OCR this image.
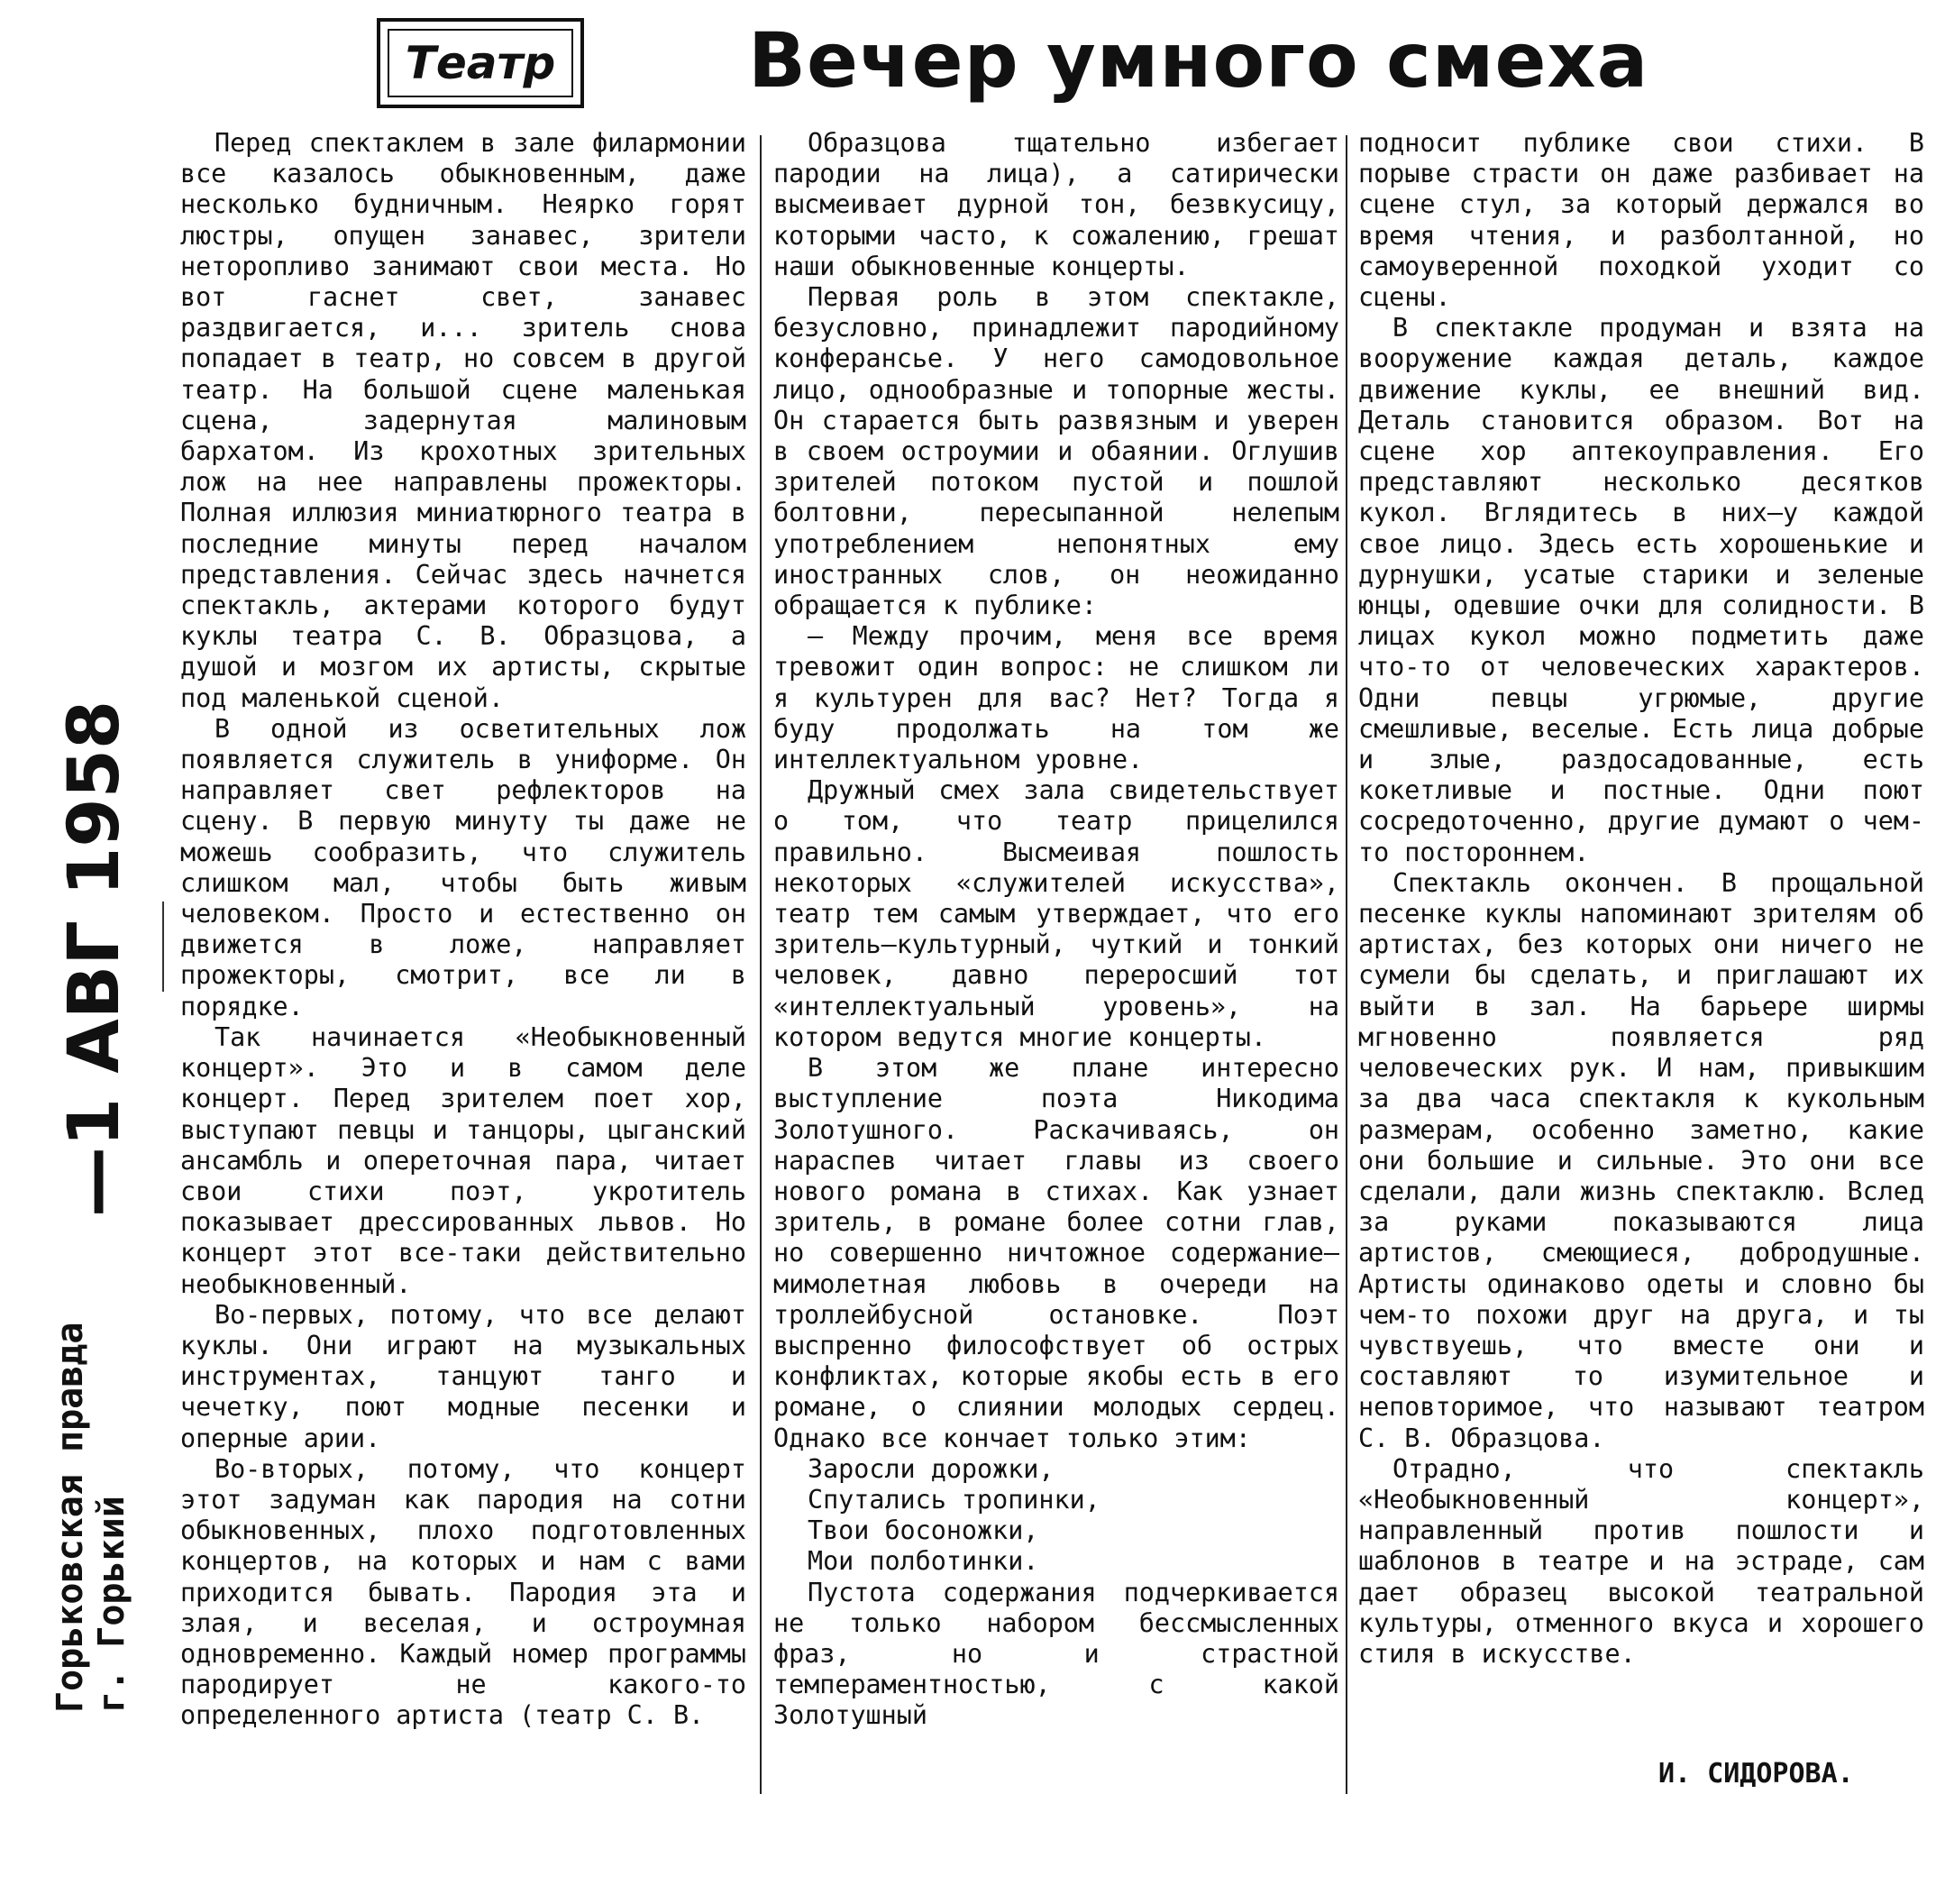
Театр	Вечер умного смеха
—1 АВГ 1958
Горьковская правда г. Горький

Перед спектаклем в зале филармонии все казалось обыкновенным, даже несколько будничным. Неярко горят люстры, опущен занавес, зрители неторопливо занимают свои места. Но вот гаснет свет, занавес раздвигается, и... зритель снова попадает в театр, но совсем в другой театр. На большой сцене маленькая сцена, задернутая малиновым бархатом. Из крохотных зрительных лож на нее направлены прожекторы. Полная иллюзия миниатюрного театра в последние минуты перед началом представления. Сейчас здесь начнется спектакль, актерами которого будут куклы театра С. В. Образцова, а душой и мозгом их артисты, скрытые под маленькой сценой.

В одной из осветительных лож появляется служитель в униформе. Он направляет свет рефлекторов на сцену. В первую минуту ты даже не можешь сообразить, что служитель слишком мал, чтобы быть живым человеком. Просто и естественно он движется в ложе, направляет прожекторы, смотрит, все ли в порядке.

Так начинается «Необыкновенный концерт». Это и в самом деле концерт. Перед зрителем поет хор, выступают певцы и танцоры, цыганский ансамбль и опереточная пара, читает свои стихи поэт, укротитель показывает дрессированных львов. Но концерт этот все-таки действительно необыкновенный.

Во-первых, потому, что все делают куклы. Они играют на музыкальных инструментах, танцуют танго и чечетку, поют модные песенки и оперные арии.

Во-вторых, потому, что концерт этот задуман как пародия на сотни обыкновенных, плохо подготовленных концертов, на которых и нам с вами приходится бывать. Пародия эта и злая, и веселая, и остроумная одновременно. Каждый номер программы пародирует не какого-то определенного артиста (театр С. В.

Образцова тщательно избегает пародии на лица), а сатирически высмеивает дурной тон, безвкусицу, которыми часто, к сожалению, грешат наши обыкновенные концерты.

Первая роль в этом спектакле, безусловно, принадлежит пародийному конферансье. У него самодовольное лицо, однообразные и топорные жесты. Он старается быть развязным и уверен в своем остроумии и обаянии. Оглушив зрителей потоком пустой и пошлой болтовни, пересыпанной нелепым употреблением непонятных ему иностранных слов, он неожиданно обращается к публике:

— Между прочим, меня все время тревожит один вопрос: не слишком ли я культурен для вас? Нет? Тогда я буду продолжать на том же интеллектуальном уровне.

Дружный смех зала свидетельствует о том, что театр прицелился правильно. Высмеивая пошлость некоторых «служителей искусства», театр тем самым утверждает, что его зритель—культурный, чуткий и тонкий человек, давно переросший тот «интеллектуальный уровень», на котором ведутся многие концерты.

В этом же плане интересно выступление поэта Никодима Золотушного. Раскачиваясь, он нараспев читает главы из своего нового романа в стихах. Как узнает зритель, в романе более сотни глав, но совершенно ничтожное содержание—мимолетная любовь в очереди на троллейбусной остановке. Поэт выспренно философствует об острых конфликтах, которые якобы есть в его романе, о слиянии молодых сердец. Однако все кончает только этим:

Заросли дорожки,
Спутались тропинки,
Твои босоножки,
Мои полботинки.

Пустота содержания подчеркивается не только набором бессмысленных фраз, но и страстной темпераментностью, с какой Золотушный

подносит публике свои стихи. В порыве страсти он даже разбивает на сцене стул, за который держался во время чтения, и разболтанной, но самоуверенной походкой уходит со сцены.

В спектакле продуман и взята на вооружение каждая деталь, каждое движение куклы, ее внешний вид. Деталь становится образом. Вот на сцене хор аптекоуправления. Его представляют несколько десятков кукол. Вглядитесь в них—у каждой свое лицо. Здесь есть хорошенькие и дурнушки, усатые старики и зеленые юнцы, одевшие очки для солидности. В лицах кукол можно подметить даже что-то от человеческих характеров. Одни певцы угрюмые, другие смешливые, веселые. Есть лица добрые и злые, раздосадованные, есть кокетливые и постные. Одни поют сосредоточенно, другие думают о чем-то постороннем.

Спектакль окончен. В прощальной песенке куклы напоминают зрителям об артистах, без которых они ничего не сумели бы сделать, и приглашают их выйти в зал. На барьере ширмы мгновенно появляется ряд человеческих рук. И нам, привыкшим за два часа спектакля к кукольным размерам, особенно заметно, какие они большие и сильные. Это они все сделали, дали жизнь спектаклю. Вслед за руками показываются лица артистов, смеющиеся, добродушные. Артисты одинаково одеты и словно бы чем-то похожи друг на друга, и ты чувствуешь, что вместе они и составляют то изумительное и неповторимое, что называют театром С. В. Образцова.

Отрадно, что спектакль «Необыкновенный концерт», направленный против пошлости и шаблонов в театре и на эстраде, сам дает образец высокой театральной культуры, отменного вкуса и хорошего стиля в искусстве.

И. СИДОРОВА.
